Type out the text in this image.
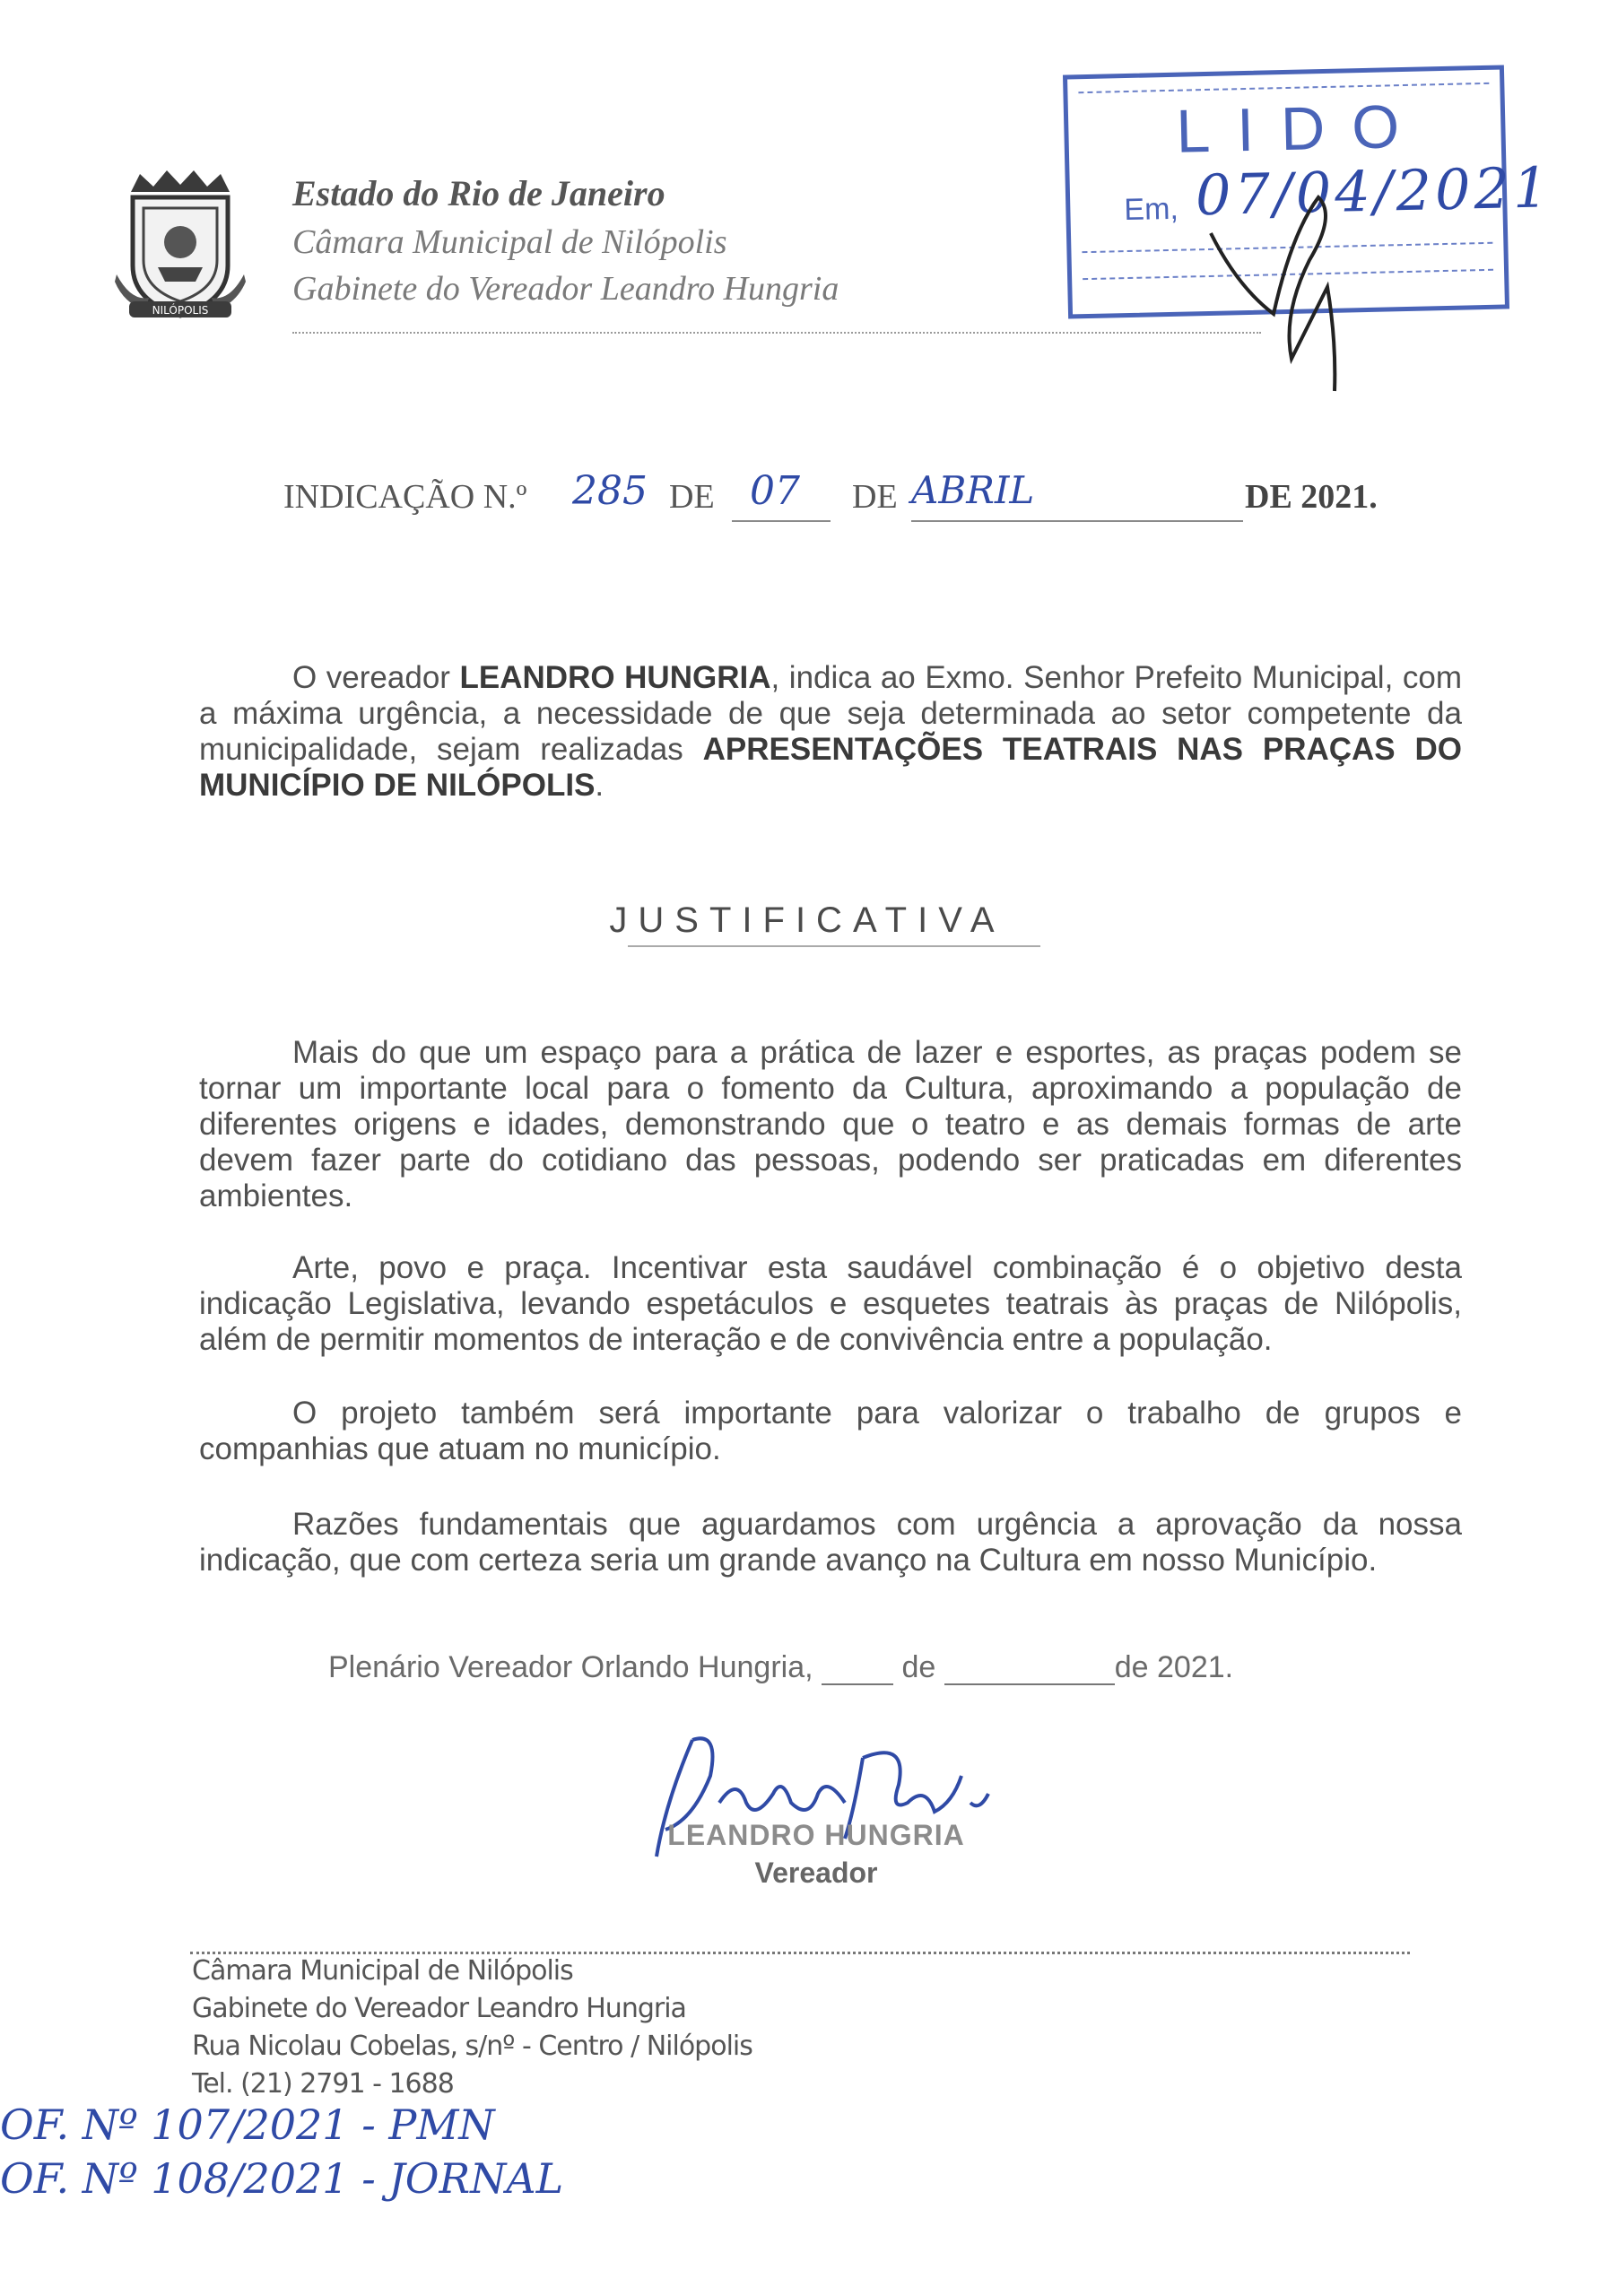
NILÓPOLIS
Estado do Rio de Janeiro
Câmara Municipal de Nilópolis
Gabinete do Vereador Leandro Hungria
LIDO
Em, 07/04/2021
INDICAÇÃO N.º 285 DE 07 DE ABRIL	DE 2021.
O vereador LEANDRO HUNGRIA, indica ao Exmo. Senhor Prefeito Municipal, com a máxima urgência, a necessidade de que seja determinada ao setor competente da municipalidade, sejam realizadas APRESENTAÇÕES TEATRAIS NAS PRAÇAS DO MUNICÍPIO DE NILÓPOLIS.
JUSTIFICATIVA
Mais do que um espaço para a prática de lazer e esportes, as praças podem se tornar um importante local para o fomento da Cultura, aproximando a população de diferentes origens e idades, demonstrando que o teatro e as demais formas de arte devem fazer parte do cotidiano das pessoas, podendo ser praticadas em diferentes ambientes.
Arte, povo e praça. Incentivar esta saudável combinação é o objetivo desta indicação Legislativa, levando espetáculos e esquetes teatrais às praças de Nilópolis, além de permitir momentos de interação e de convivência entre a população.
O projeto também será importante para valorizar o trabalho de grupos e companhias que atuam no município.
Razões fundamentais que aguardamos com urgência a aprovação da nossa indicação, que com certeza seria um grande avanço na Cultura em nosso Município.
Plenário Vereador Orlando Hungria,	de	de 2021.
LEANDRO HUNGRIA
Vereador
Câmara Municipal de Nilópolis
Gabinete do Vereador Leandro Hungria
Rua Nicolau Cobelas, s/nº - Centro / Nilópolis
Tel. (21) 2791 - 1688
OF. Nº 107/2021 - PMN
OF. Nº 108/2021 - JORNAL
